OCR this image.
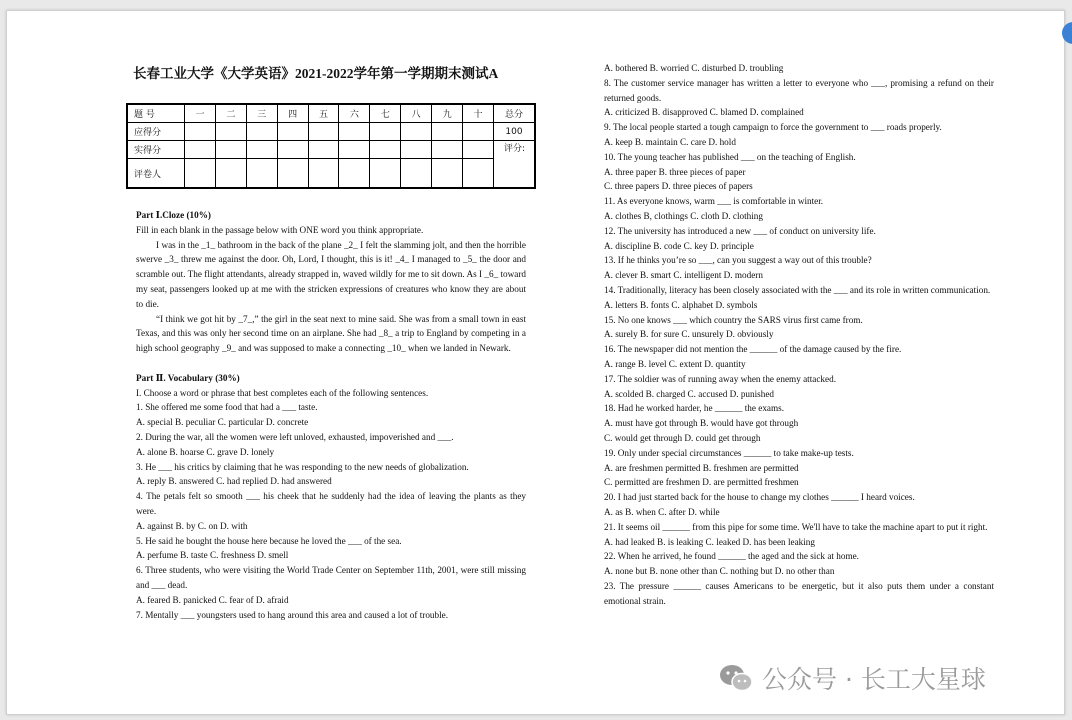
长春工业大学《大学英语》2021-2022学年第一学期期末测试A
题 号	一	二	三	四	五	六	七	八	九	十	总分
应得分											100
实得分											评分:
评卷人											

Part Ⅰ.Cloze (10%)

Fill in each blank in the passage below with ONE word you think appropriate.

I was in the _1_ bathroom in the back of the plane _2_ I felt the slamming jolt, and then the horrible swerve _3_ threw me against the door. Oh, Lord, I thought, this is it! _4_ I managed to _5_ the door and scramble out. The flight attendants, already strapped in, waved wildly for me to sit down. As I _6_ toward my seat, passengers looked up at me with the stricken expressions of creatures who know they are about to die.

“I think we got hit by _7_,” the girl in the seat next to mine said. She was from a small town in east Texas, and this was only her second time on an airplane. She had _8_ a trip to England by competing in a high school geography _9_ and was supposed to make a connecting _10_ when we landed in Newark.

Part Ⅱ. Vocabulary (30%)

I. Choose a word or phrase that best completes each of the following sentences.

1. She offered me some food that had a ___ taste.

A. special B. peculiar C. particular D. concrete

2. During the war, all the women were left unloved, exhausted, impoverished and ___.

A. alone B. hoarse C. grave D. lonely

3. He ___ his critics by claiming that he was responding to the new needs of globalization.

A. reply B. answered C. had replied D. had answered

4. The petals felt so smooth ___ his cheek that he suddenly had the idea of leaving the plants as they were.

A. against B. by C. on D. with

5. He said he bought the house here because he loved the ___ of the sea.

A. perfume B. taste C. freshness D. smell

6. Three students, who were visiting the World Trade Center on September 11th, 2001, were still missing and ___ dead.

A. feared B. panicked C. fear of D. afraid

7. Mentally ___ youngsters used to hang around this area and caused a lot of trouble.

A. bothered B. worried C. disturbed D. troubling

8. The customer service manager has written a letter to everyone who ___, promising a refund on their returned goods.

A. criticized B. disapproved C. blamed D. complained

9. The local people started a tough campaign to force the government to ___ roads properly.

A. keep B. maintain C. care D. hold

10. The young teacher has published ___ on the teaching of English.

A. three paper B. three pieces of paper

C. three papers D. three pieces of papers

11. As everyone knows, warm ___ is comfortable in winter.

A. clothes B, clothings C. cloth D. clothing

12. The university has introduced a new ___ of conduct on university life.

A. discipline B. code C. key D. principle

13. If he thinks you’re so ___, can you suggest a way out of this trouble?

A. clever B. smart C. intelligent D. modern

14. Traditionally, literacy has been closely associated with the ___ and its role in written communication.

A. letters B. fonts C. alphabet D. symbols

15. No one knows ___ which country the SARS virus first came from.

A. surely B. for sure C. unsurely D. obviously

16. The newspaper did not mention the ______ of the damage caused by the fire.

A. range B. level C. extent D. quantity

17. The soldier was of running away when the enemy attacked.

A. scolded B. charged C. accused D. punished

18. Had he worked harder, he ______ the exams.

A. must have got through B. would have got through

C. would get through D. could get through

19. Only under special circumstances ______ to take make-up tests.

A. are freshmen permitted B. freshmen are permitted

C. permitted are freshmen D. are permitted freshmen

20. I had just started back for the house to change my clothes ______ I heard voices.

A. as B. when C. after D. while

21. It seems oil ______ from this pipe for some time. We'll have to take the machine apart to put it right.

A. had leaked B. is leaking C. leaked D. has been leaking

22. When he arrived, he found ______ the aged and the sick at home.

A. none but B. none other than C. nothing but D. no other than

23. The pressure ______ causes Americans to be energetic, but it also puts them under a constant emotional strain.

公众号 · 长工大星球
